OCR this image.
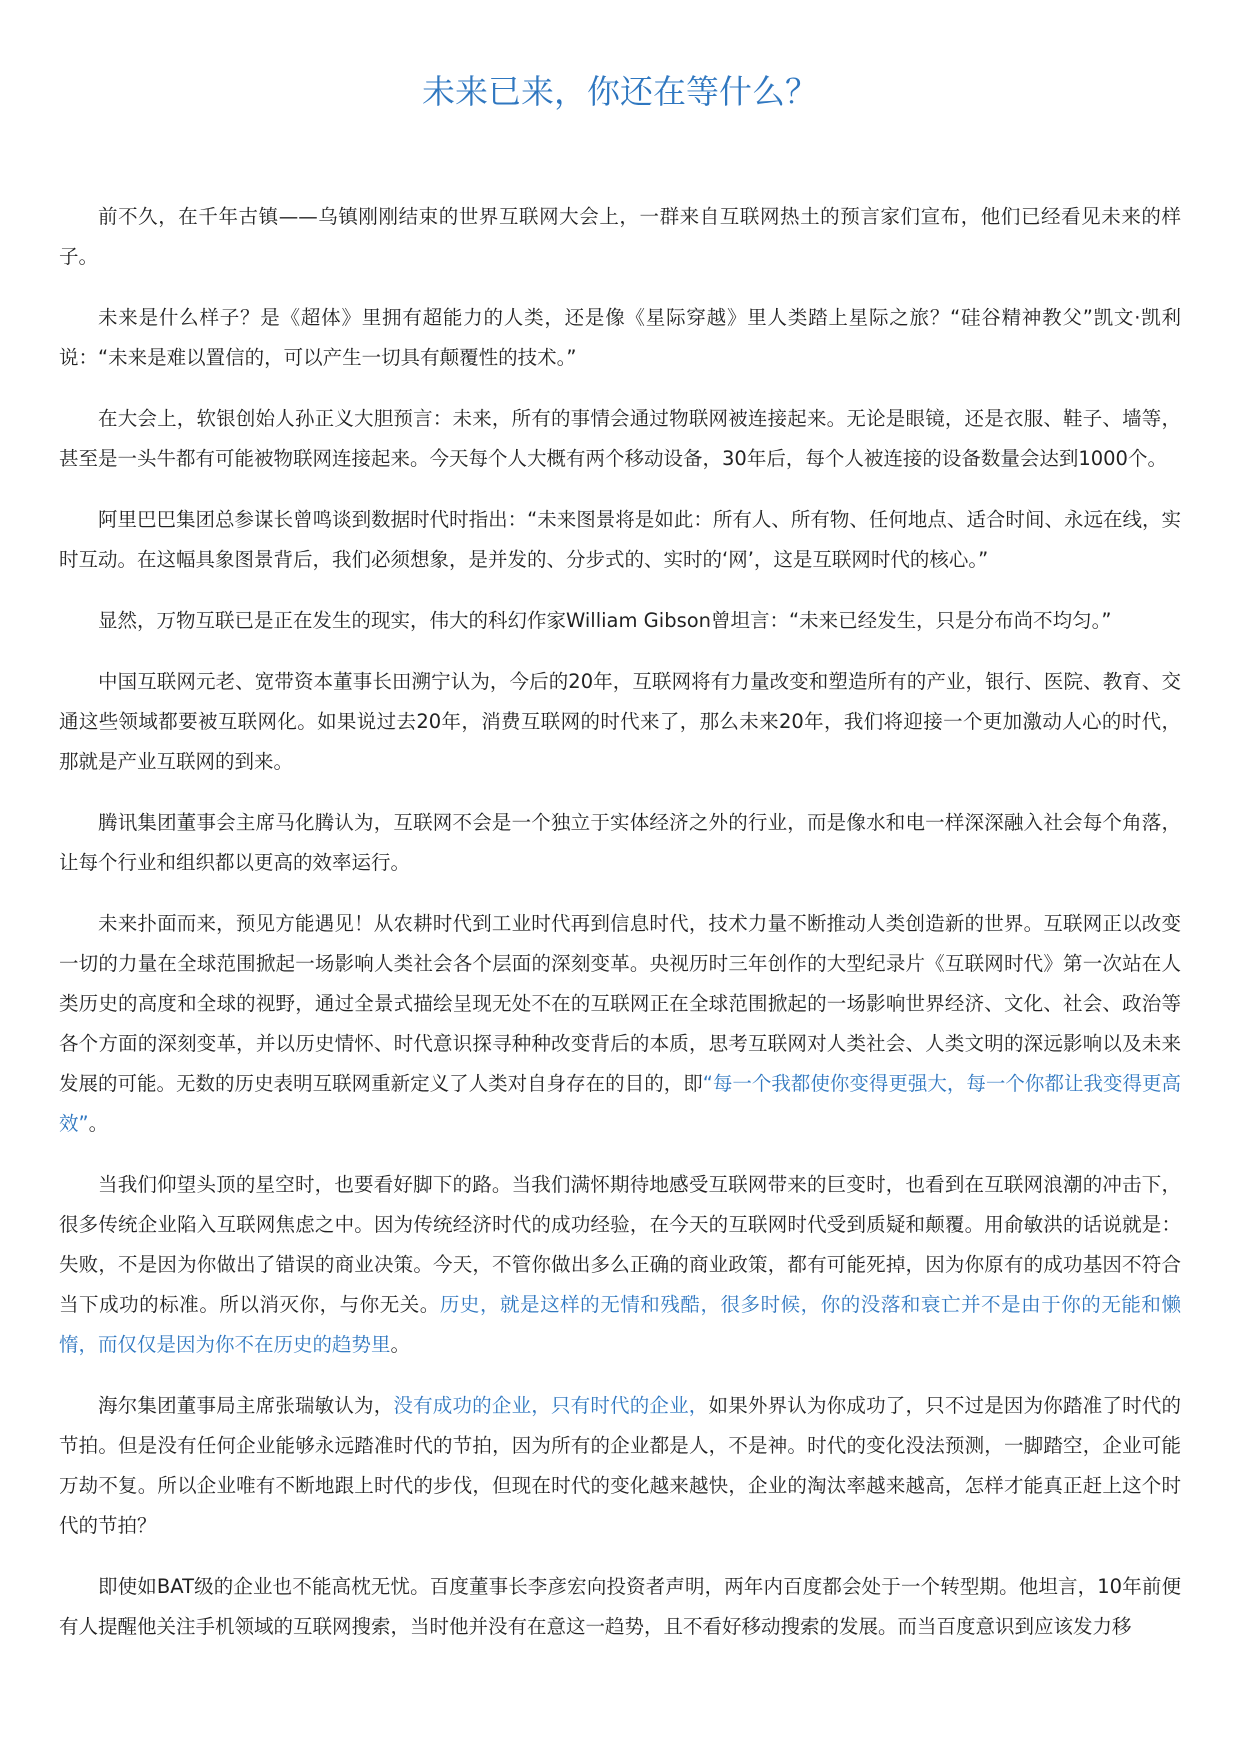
未来已来，你还在等什么？

前不久，在千年古镇——乌镇刚刚结束的世界互联网大会上，一群来自互联网热土的预言家们宣布，他们已经看见未来的样子。

未来是什么样子？是《超体》里拥有超能力的人类，还是像《星际穿越》里人类踏上星际之旅？“硅谷精神教父”凯文·凯利说：“未来是难以置信的，可以产生一切具有颠覆性的技术。”

在大会上，软银创始人孙正义大胆预言：未来，所有的事情会通过物联网被连接起来。无论是眼镜，还是衣服、鞋子、墙等，甚至是一头牛都有可能被物联网连接起来。今天每个人大概有两个移动设备，30年后，每个人被连接的设备数量会达到1000个。

阿里巴巴集团总参谋长曾鸣谈到数据时代时指出：“未来图景将是如此：所有人、所有物、任何地点、适合时间、永远在线，实时互动。在这幅具象图景背后，我们必须想象，是并发的、分步式的、实时的‘网’，这是互联网时代的核心。”

显然，万物互联已是正在发生的现实，伟大的科幻作家William Gibson曾坦言：“未来已经发生，只是分布尚不均匀。”

中国互联网元老、宽带资本董事长田溯宁认为，今后的20年，互联网将有力量改变和塑造所有的产业，银行、医院、教育、交通这些领域都要被互联网化。如果说过去20年，消费互联网的时代来了，那么未来20年，我们将迎接一个更加激动人心的时代，那就是产业互联网的到来。

腾讯集团董事会主席马化腾认为，互联网不会是一个独立于实体经济之外的行业，而是像水和电一样深深融入社会每个角落，让每个行业和组织都以更高的效率运行。

未来扑面而来，预见方能遇见！从农耕时代到工业时代再到信息时代，技术力量不断推动人类创造新的世界。互联网正以改变一切的力量在全球范围掀起一场影响人类社会各个层面的深刻变革。央视历时三年创作的大型纪录片《互联网时代》第一次站在人类历史的高度和全球的视野，通过全景式描绘呈现无处不在的互联网正在全球范围掀起的一场影响世界经济、文化、社会、政治等各个方面的深刻变革，并以历史情怀、时代意识探寻种种改变背后的本质，思考互联网对人类社会、人类文明的深远影响以及未来发展的可能。无数的历史表明互联网重新定义了人类对自身存在的目的，即“每一个我都使你变得更强大，每一个你都让我变得更高效”。

当我们仰望头顶的星空时，也要看好脚下的路。当我们满怀期待地感受互联网带来的巨变时，也看到在互联网浪潮的冲击下，很多传统企业陷入互联网焦虑之中。因为传统经济时代的成功经验，在今天的互联网时代受到质疑和颠覆。用俞敏洪的话说就是：失败，不是因为你做出了错误的商业决策。今天，不管你做出多么正确的商业政策，都有可能死掉，因为你原有的成功基因不符合当下成功的标准。所以消灭你，与你无关。历史，就是这样的无情和残酷，很多时候，你的没落和衰亡并不是由于你的无能和懒惰，而仅仅是因为你不在历史的趋势里。

海尔集团董事局主席张瑞敏认为，没有成功的企业，只有时代的企业，如果外界认为你成功了，只不过是因为你踏准了时代的节拍。但是没有任何企业能够永远踏准时代的节拍，因为所有的企业都是人，不是神。时代的变化没法预测，一脚踏空，企业可能万劫不复。所以企业唯有不断地跟上时代的步伐，但现在时代的变化越来越快，企业的淘汰率越来越高，怎样才能真正赶上这个时代的节拍？

即使如BAT级的企业也不能高枕无忧。百度董事长李彦宏向投资者声明，两年内百度都会处于一个转型期。他坦言，10年前便有人提醒他关注手机领域的互联网搜索，当时他并没有在意这一趋势，且不看好移动搜索的发展。而当百度意识到应该发力移
